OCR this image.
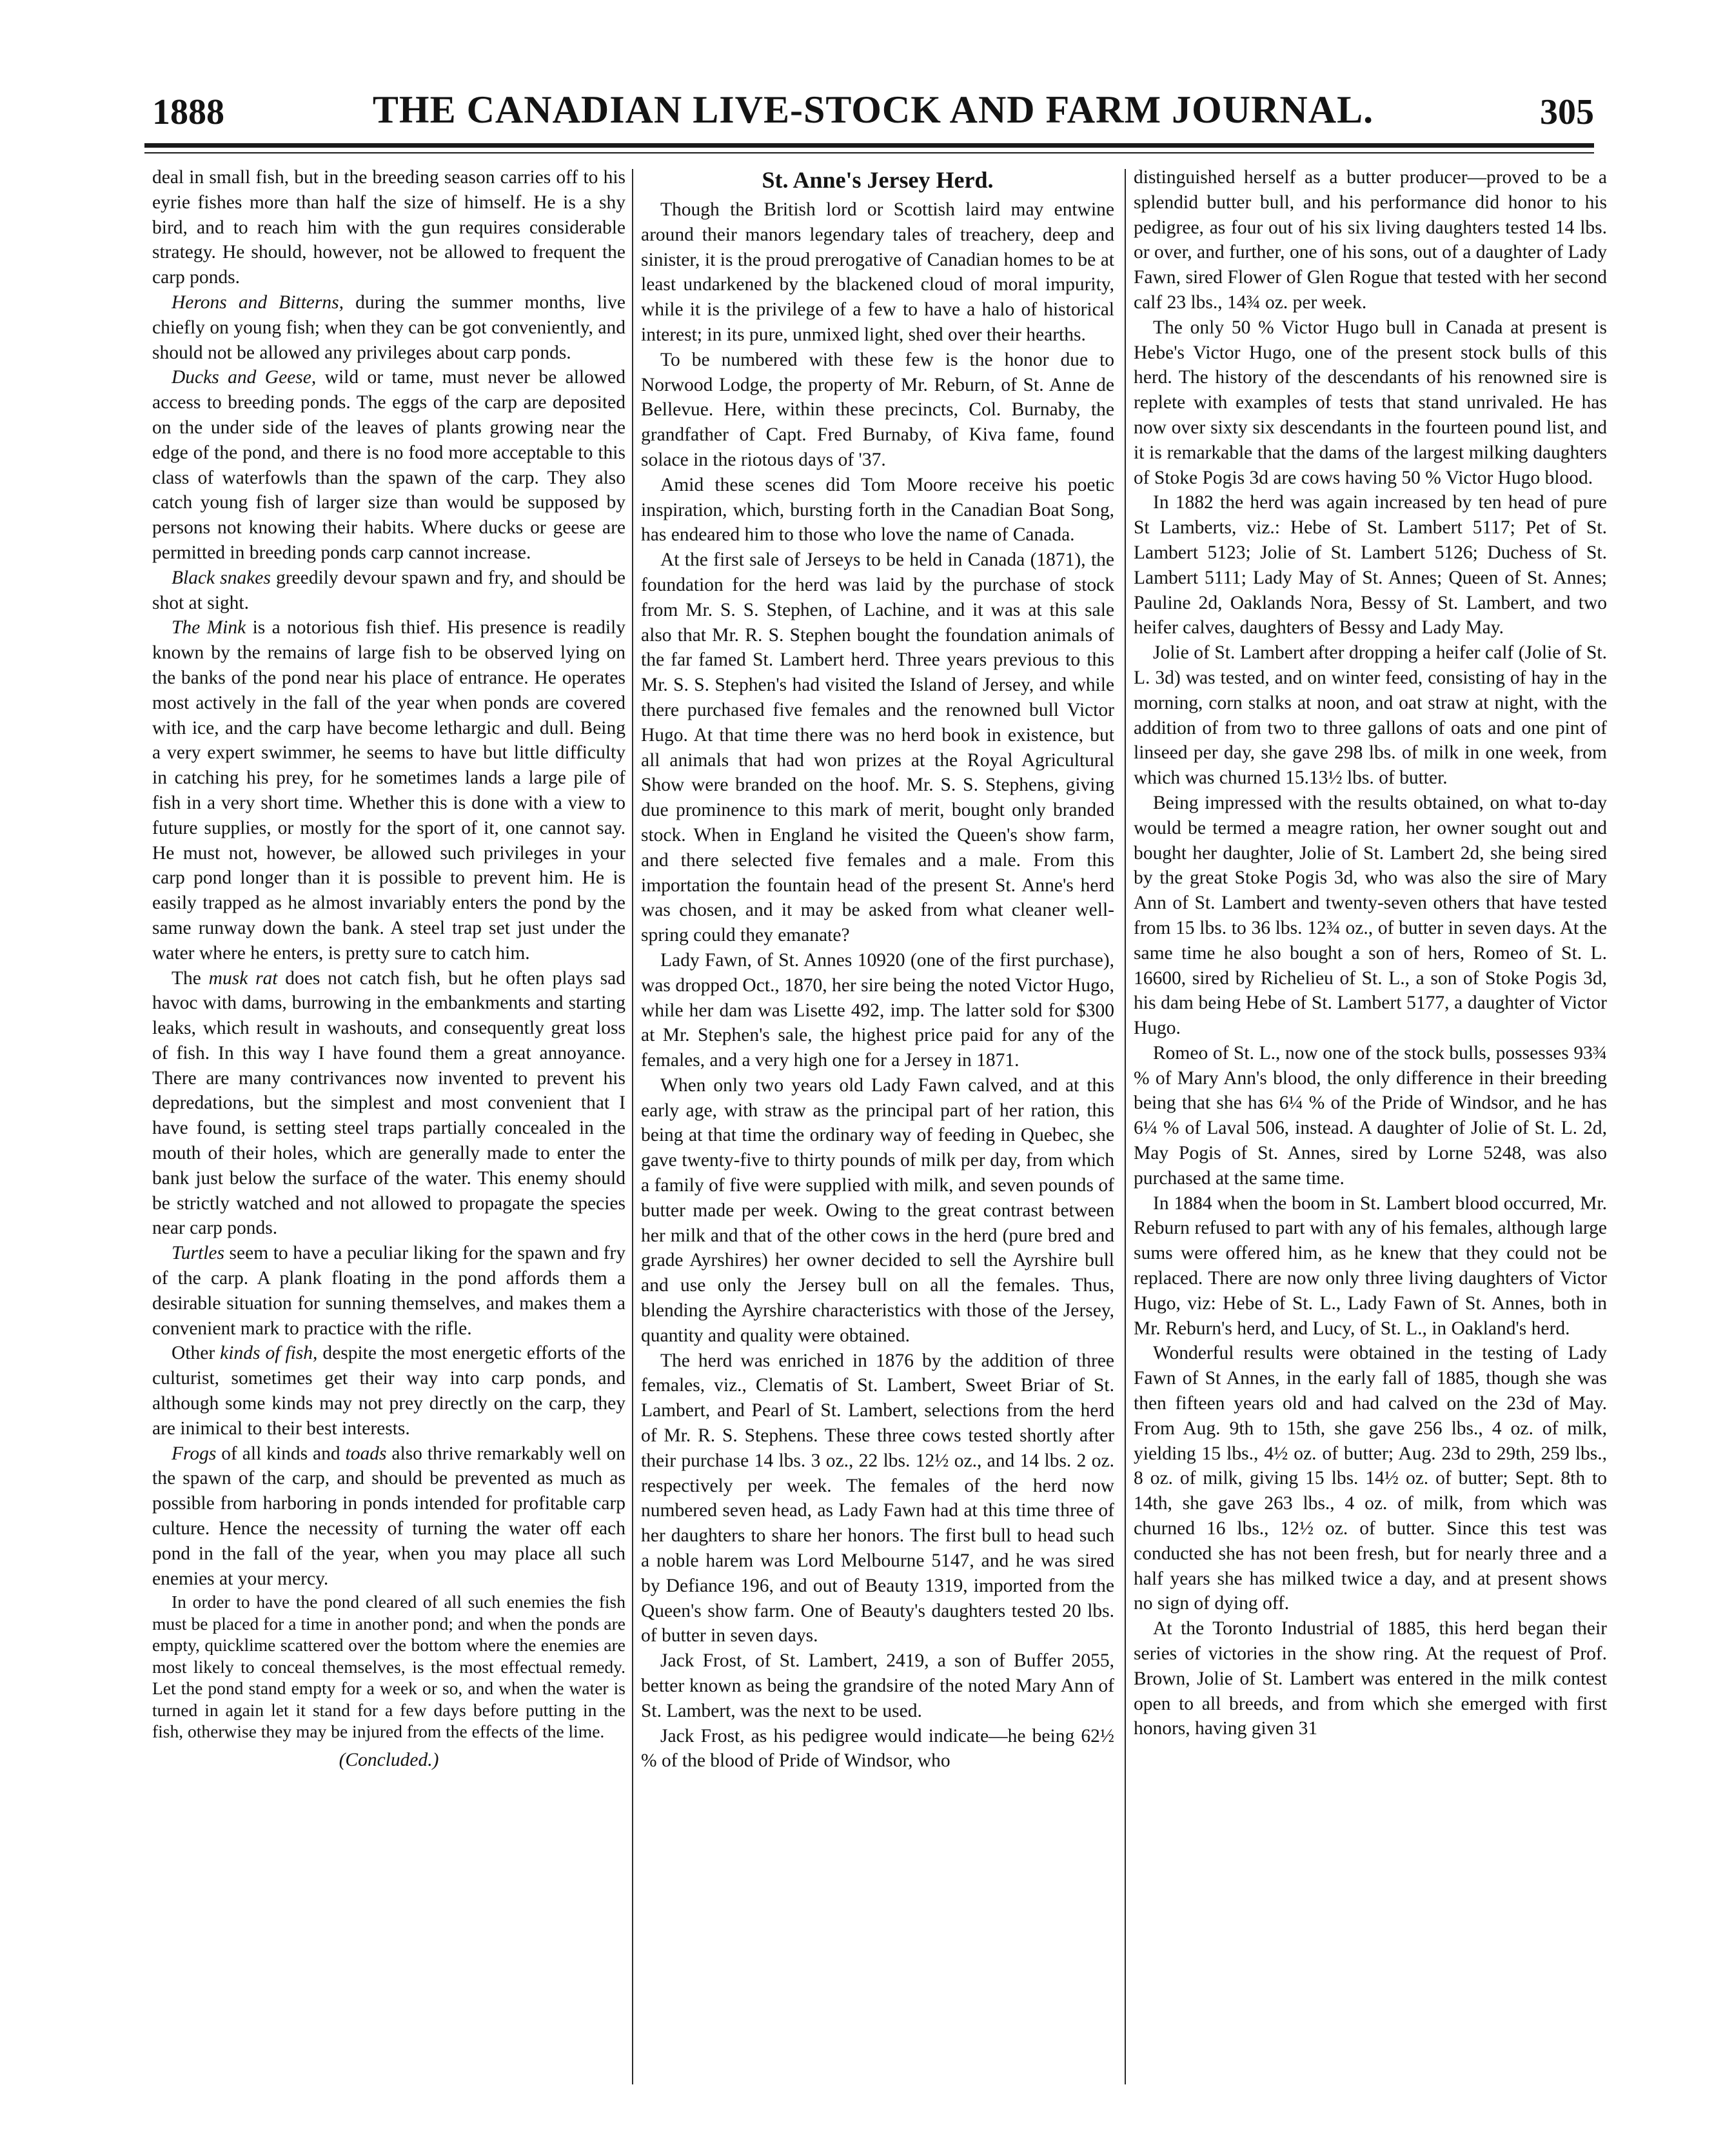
1888	THE CANADIAN LIVE-STOCK AND FARM JOURNAL.	305

deal in small fish, but in the breeding season carries off to his eyrie fishes more than half the size of himself. He is a shy bird, and to reach him with the gun requires considerable strategy. He should, however, not be allowed to frequent the carp ponds.

Herons and Bitterns, during the summer months, live chiefly on young fish; when they can be got conveniently, and should not be allowed any privileges about carp ponds.

Ducks and Geese, wild or tame, must never be allowed access to breeding ponds. The eggs of the carp are deposited on the under side of the leaves of plants growing near the edge of the pond, and there is no food more acceptable to this class of waterfowls than the spawn of the carp. They also catch young fish of larger size than would be supposed by persons not knowing their habits. Where ducks or geese are permitted in breeding ponds carp cannot increase.

Black snakes greedily devour spawn and fry, and should be shot at sight.

The Mink is a notorious fish thief. His presence is readily known by the remains of large fish to be observed lying on the banks of the pond near his place of entrance. He operates most actively in the fall of the year when ponds are covered with ice, and the carp have become lethargic and dull. Being a very expert swimmer, he seems to have but little difficulty in catching his prey, for he sometimes lands a large pile of fish in a very short time. Whether this is done with a view to future supplies, or mostly for the sport of it, one cannot say. He must not, however, be allowed such privileges in your carp pond longer than it is possible to prevent him. He is easily trapped as he almost invariably enters the pond by the same runway down the bank. A steel trap set just under the water where he enters, is pretty sure to catch him.

The musk rat does not catch fish, but he often plays sad havoc with dams, burrowing in the embankments and starting leaks, which result in washouts, and consequently great loss of fish. In this way I have found them a great annoyance. There are many contrivances now invented to prevent his depredations, but the simplest and most convenient that I have found, is setting steel traps partially concealed in the mouth of their holes, which are generally made to enter the bank just below the surface of the water. This enemy should be strictly watched and not allowed to propagate the species near carp ponds.

Turtles seem to have a peculiar liking for the spawn and fry of the carp. A plank floating in the pond affords them a desirable situation for sunning themselves, and makes them a convenient mark to practice with the rifle.

Other kinds of fish, despite the most energetic efforts of the culturist, sometimes get their way into carp ponds, and although some kinds may not prey directly on the carp, they are inimical to their best interests.

Frogs of all kinds and toads also thrive remarkably well on the spawn of the carp, and should be prevented as much as possible from harboring in ponds intended for profitable carp culture. Hence the necessity of turning the water off each pond in the fall of the year, when you may place all such enemies at your mercy.

In order to have the pond cleared of all such enemies the fish must be placed for a time in another pond; and when the ponds are empty, quicklime scattered over the bottom where the enemies are most likely to conceal themselves, is the most effectual remedy. Let the pond stand empty for a week or so, and when the water is turned in again let it stand for a few days before putting in the fish, otherwise they may be injured from the effects of the lime.

(Concluded.)
St. Anne's Jersey Herd.

Though the British lord or Scottish laird may entwine around their manors legendary tales of treachery, deep and sinister, it is the proud prerogative of Canadian homes to be at least undarkened by the blackened cloud of moral impurity, while it is the privilege of a few to have a halo of historical interest; in its pure, unmixed light, shed over their hearths.

To be numbered with these few is the honor due to Norwood Lodge, the property of Mr. Reburn, of St. Anne de Bellevue. Here, within these precincts, Col. Burnaby, the grandfather of Capt. Fred Burnaby, of Kiva fame, found solace in the riotous days of '37.

Amid these scenes did Tom Moore receive his poetic inspiration, which, bursting forth in the Canadian Boat Song, has endeared him to those who love the name of Canada.

At the first sale of Jerseys to be held in Canada (1871), the foundation for the herd was laid by the purchase of stock from Mr. S. S. Stephen, of Lachine, and it was at this sale also that Mr. R. S. Stephen bought the foundation animals of the far famed St. Lambert herd. Three years previous to this Mr. S. S. Stephen's had visited the Island of Jersey, and while there purchased five females and the renowned bull Victor Hugo. At that time there was no herd book in existence, but all animals that had won prizes at the Royal Agricultural Show were branded on the hoof. Mr. S. S. Stephens, giving due prominence to this mark of merit, bought only branded stock. When in England he visited the Queen's show farm, and there selected five females and a male. From this importation the fountain head of the present St. Anne's herd was chosen, and it may be asked from what cleaner well-spring could they emanate?

Lady Fawn, of St. Annes 10920 (one of the first purchase), was dropped Oct., 1870, her sire being the noted Victor Hugo, while her dam was Lisette 492, imp. The latter sold for $300 at Mr. Stephen's sale, the highest price paid for any of the females, and a very high one for a Jersey in 1871.

When only two years old Lady Fawn calved, and at this early age, with straw as the principal part of her ration, this being at that time the ordinary way of feeding in Quebec, she gave twenty-five to thirty pounds of milk per day, from which a family of five were supplied with milk, and seven pounds of butter made per week. Owing to the great contrast between her milk and that of the other cows in the herd (pure bred and grade Ayrshires) her owner decided to sell the Ayrshire bull and use only the Jersey bull on all the females. Thus, blending the Ayrshire characteristics with those of the Jersey, quantity and quality were obtained.

The herd was enriched in 1876 by the addition of three females, viz., Clematis of St. Lambert, Sweet Briar of St. Lambert, and Pearl of St. Lambert, selections from the herd of Mr. R. S. Stephens. These three cows tested shortly after their purchase 14 lbs. 3 oz., 22 lbs. 12½ oz., and 14 lbs. 2 oz. respectively per week. The females of the herd now numbered seven head, as Lady Fawn had at this time three of her daughters to share her honors. The first bull to head such a noble harem was Lord Melbourne 5147, and he was sired by Defiance 196, and out of Beauty 1319, imported from the Queen's show farm. One of Beauty's daughters tested 20 lbs. of butter in seven days.

Jack Frost, of St. Lambert, 2419, a son of Buffer 2055, better known as being the grandsire of the noted Mary Ann of St. Lambert, was the next to be used.

Jack Frost, as his pedigree would indicate—he being 62½ % of the blood of Pride of Windsor, who

distinguished herself as a butter producer—proved to be a splendid butter bull, and his performance did honor to his pedigree, as four out of his six living daughters tested 14 lbs. or over, and further, one of his sons, out of a daughter of Lady Fawn, sired Flower of Glen Rogue that tested with her second calf 23 lbs., 14¾ oz. per week.

The only 50 % Victor Hugo bull in Canada at present is Hebe's Victor Hugo, one of the present stock bulls of this herd. The history of the descendants of his renowned sire is replete with examples of tests that stand unrivaled. He has now over sixty six descendants in the fourteen pound list, and it is remarkable that the dams of the largest milking daughters of Stoke Pogis 3d are cows having 50 % Victor Hugo blood.

In 1882 the herd was again increased by ten head of pure St Lamberts, viz.: Hebe of St. Lambert 5117; Pet of St. Lambert 5123; Jolie of St. Lambert 5126; Duchess of St. Lambert 5111; Lady May of St. Annes; Queen of St. Annes; Pauline 2d, Oaklands Nora, Bessy of St. Lambert, and two heifer calves, daughters of Bessy and Lady May.

Jolie of St. Lambert after dropping a heifer calf (Jolie of St. L. 3d) was tested, and on winter feed, consisting of hay in the morning, corn stalks at noon, and oat straw at night, with the addition of from two to three gallons of oats and one pint of linseed per day, she gave 298 lbs. of milk in one week, from which was churned 15.13½ lbs. of butter.

Being impressed with the results obtained, on what to-day would be termed a meagre ration, her owner sought out and bought her daughter, Jolie of St. Lambert 2d, she being sired by the great Stoke Pogis 3d, who was also the sire of Mary Ann of St. Lambert and twenty-seven others that have tested from 15 lbs. to 36 lbs. 12¾ oz., of butter in seven days. At the same time he also bought a son of hers, Romeo of St. L. 16600, sired by Richelieu of St. L., a son of Stoke Pogis 3d, his dam being Hebe of St. Lambert 5177, a daughter of Victor Hugo.

Romeo of St. L., now one of the stock bulls, possesses 93¾ % of Mary Ann's blood, the only difference in their breeding being that she has 6¼ % of the Pride of Windsor, and he has 6¼ % of Laval 506, instead. A daughter of Jolie of St. L. 2d, May Pogis of St. Annes, sired by Lorne 5248, was also purchased at the same time.

In 1884 when the boom in St. Lambert blood occurred, Mr. Reburn refused to part with any of his females, although large sums were offered him, as he knew that they could not be replaced. There are now only three living daughters of Victor Hugo, viz: Hebe of St. L., Lady Fawn of St. Annes, both in Mr. Reburn's herd, and Lucy, of St. L., in Oakland's herd.

Wonderful results were obtained in the testing of Lady Fawn of St Annes, in the early fall of 1885, though she was then fifteen years old and had calved on the 23d of May. From Aug. 9th to 15th, she gave 256 lbs., 4 oz. of milk, yielding 15 lbs., 4½ oz. of butter; Aug. 23d to 29th, 259 lbs., 8 oz. of milk, giving 15 lbs. 14½ oz. of butter; Sept. 8th to 14th, she gave 263 lbs., 4 oz. of milk, from which was churned 16 lbs., 12½ oz. of butter. Since this test was conducted she has not been fresh, but for nearly three and a half years she has milked twice a day, and at present shows no sign of dying off.

At the Toronto Industrial of 1885, this herd began their series of victories in the show ring. At the request of Prof. Brown, Jolie of St. Lambert was entered in the milk contest open to all breeds, and from which she emerged with first honors, having given 31
